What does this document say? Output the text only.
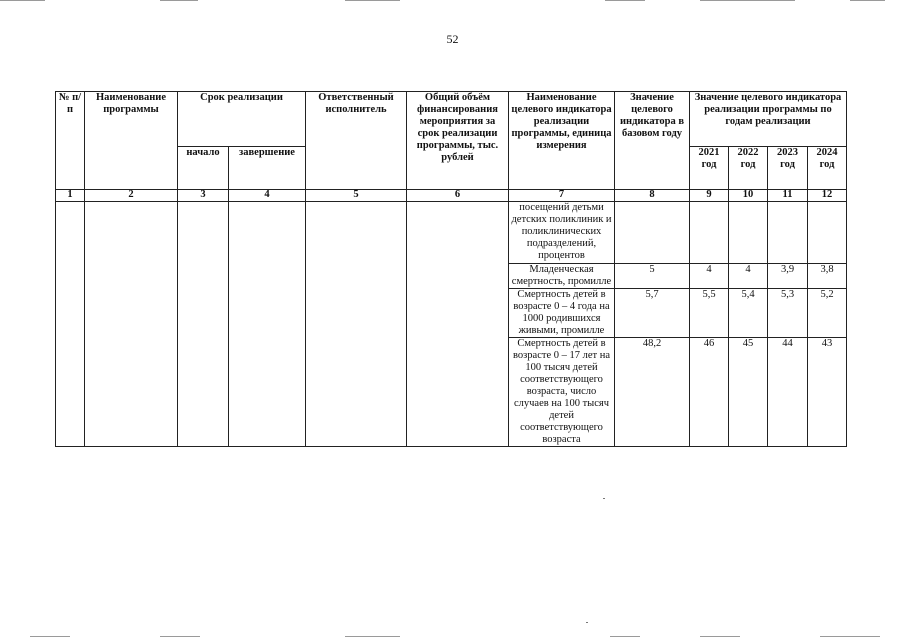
52
№ п/п	Наименование программы	Срок реализации		Ответственный исполнитель	Общий объём финансирования мероприятия за срок реализации программы, тыс. рублей	Наименование целевого индикатора реализации программы, единица измерения	Значение целевого индикатора в базовом году	Значение целевого индикатора реализации программы по годам реализации			
		начало	завершение					2021 год	2022 год	2023 год	2024 год
1	2	3	4	5	6	7	8	9	10	11	12
						посещений детьми детских поликлиник и поликлинических подразделений, процентов					
						Младенческая смертность, промилле	5	4	4	3,9	3,8
						Смертность детей в возрасте 0 – 4 года на 1000 родившихся живыми, промилле	5,7	5,5	5,4	5,3	5,2
						Смертность детей в возрасте 0 – 17 лет на 100 тысяч детей соответствующего возраста, число случаев на 100 тысяч детей соответствующего возраста	48,2	46	45	44	43
